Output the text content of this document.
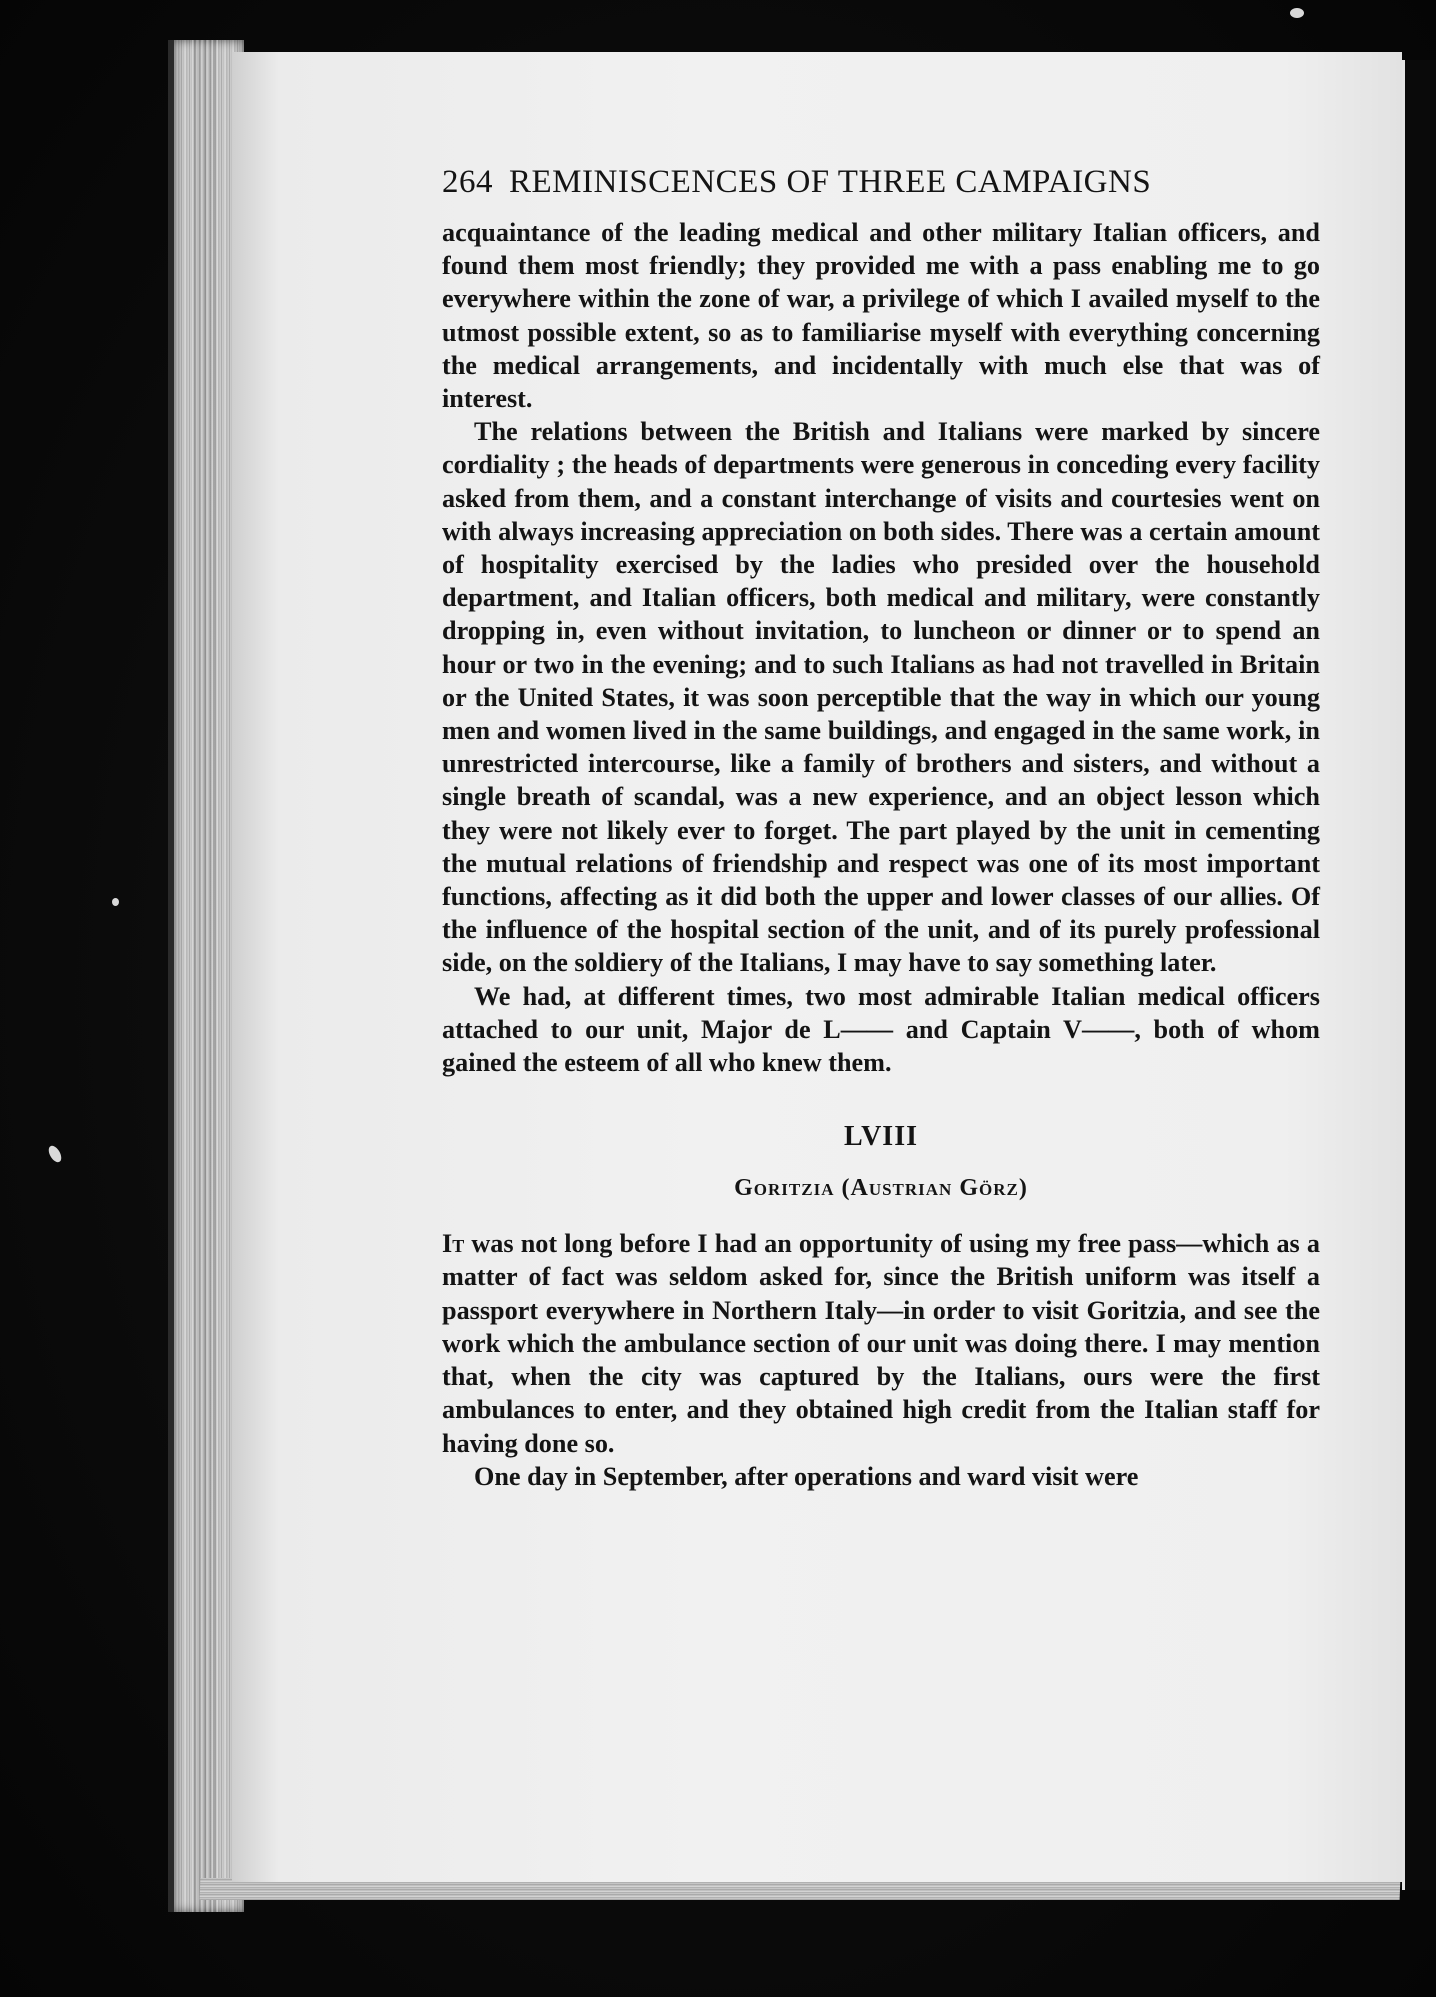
264 REMINISCENCES OF THREE CAMPAIGNS

acquaintance of the leading medical and other military Italian officers, and found them most friendly; they provided me with a pass enabling me to go everywhere within the zone of war, a privilege of which I availed myself to the utmost possible extent, so as to familiarise myself with everything concerning the medical arrangements, and incidentally with much else that was of interest.

The relations between the British and Italians were marked by sincere cordiality ; the heads of departments were generous in conceding every facility asked from them, and a constant interchange of visits and courtesies went on with always increasing appreciation on both sides. There was a certain amount of hospitality exercised by the ladies who presided over the household department, and Italian officers, both medical and military, were constantly dropping in, even without invitation, to luncheon or dinner or to spend an hour or two in the evening; and to such Italians as had not travelled in Britain or the United States, it was soon perceptible that the way in which our young men and women lived in the same buildings, and engaged in the same work, in unrestricted intercourse, like a family of brothers and sisters, and without a single breath of scandal, was a new experience, and an object lesson which they were not likely ever to forget. The part played by the unit in cementing the mutual relations of friendship and respect was one of its most important functions, affecting as it did both the upper and lower classes of our allies. Of the influence of the hospital section of the unit, and of its purely professional side, on the soldiery of the Italians, I may have to say something later.

We had, at different times, two most admirable Italian medical officers attached to our unit, Major de L—— and Captain V——, both of whom gained the esteem of all who knew them.

LVIII
Goritzia (Austrian Görz)

It was not long before I had an opportunity of using my free pass—which as a matter of fact was seldom asked for, since the British uniform was itself a passport everywhere in Northern Italy—in order to visit Goritzia, and see the work which the ambulance section of our unit was doing there. I may mention that, when the city was captured by the Italians, ours were the first ambulances to enter, and they obtained high credit from the Italian staff for having done so.

One day in September, after operations and ward visit were
